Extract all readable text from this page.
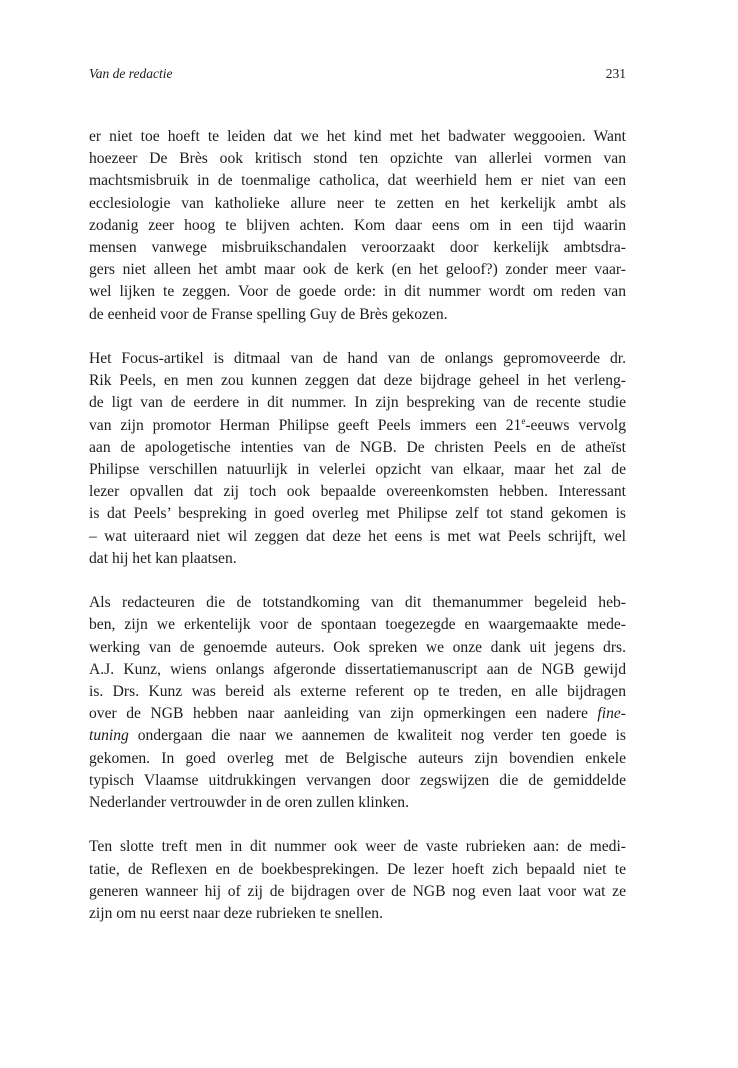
Van de redactie	231

er niet toe hoeft te leiden dat we het kind met het badwater weggooien. Want
hoezeer De Brès ook kritisch stond ten opzichte van allerlei vormen van
machtsmisbruik in de toenmalige catholica, dat weerhield hem er niet van een
ecclesiologie van katholieke allure neer te zetten en het kerkelijk ambt als
zodanig zeer hoog te blijven achten. Kom daar eens om in een tijd waarin
mensen vanwege misbruikschandalen veroorzaakt door kerkelijk ambtsdra-
gers niet alleen het ambt maar ook de kerk (en het geloof?) zonder meer vaar-
wel lijken te zeggen. Voor de goede orde: in dit nummer wordt om reden van
de eenheid voor de Franse spelling Guy de Brès gekozen.

Het Focus-artikel is ditmaal van de hand van de onlangs gepromoveerde dr.
Rik Peels, en men zou kunnen zeggen dat deze bijdrage geheel in het verleng-
de ligt van de eerdere in dit nummer. In zijn bespreking van de recente studie
van zijn promotor Herman Philipse geeft Peels immers een 21e-eeuws vervolg
aan de apologetische intenties van de NGB. De christen Peels en de atheïst
Philipse verschillen natuurlijk in velerlei opzicht van elkaar, maar het zal de
lezer opvallen dat zij toch ook bepaalde overeenkomsten hebben. Interessant
is dat Peels’ bespreking in goed overleg met Philipse zelf tot stand gekomen is
– wat uiteraard niet wil zeggen dat deze het eens is met wat Peels schrijft, wel
dat hij het kan plaatsen.

Als redacteuren die de totstandkoming van dit themanummer begeleid heb-
ben, zijn we erkentelijk voor de spontaan toegezegde en waargemaakte mede-
werking van de genoemde auteurs. Ook spreken we onze dank uit jegens drs.
A.J. Kunz, wiens onlangs afgeronde dissertatiemanuscript aan de NGB gewijd
is. Drs. Kunz was bereid als externe referent op te treden, en alle bijdragen
over de NGB hebben naar aanleiding van zijn opmerkingen een nadere fine-
tuning ondergaan die naar we aannemen de kwaliteit nog verder ten goede is
gekomen. In goed overleg met de Belgische auteurs zijn bovendien enkele
typisch Vlaamse uitdrukkingen vervangen door zegswijzen die de gemiddelde
Nederlander vertrouwder in de oren zullen klinken.

Ten slotte treft men in dit nummer ook weer de vaste rubrieken aan: de medi-
tatie, de Reflexen en de boekbesprekingen. De lezer hoeft zich bepaald niet te
generen wanneer hij of zij de bijdragen over de NGB nog even laat voor wat ze
zijn om nu eerst naar deze rubrieken te snellen.
